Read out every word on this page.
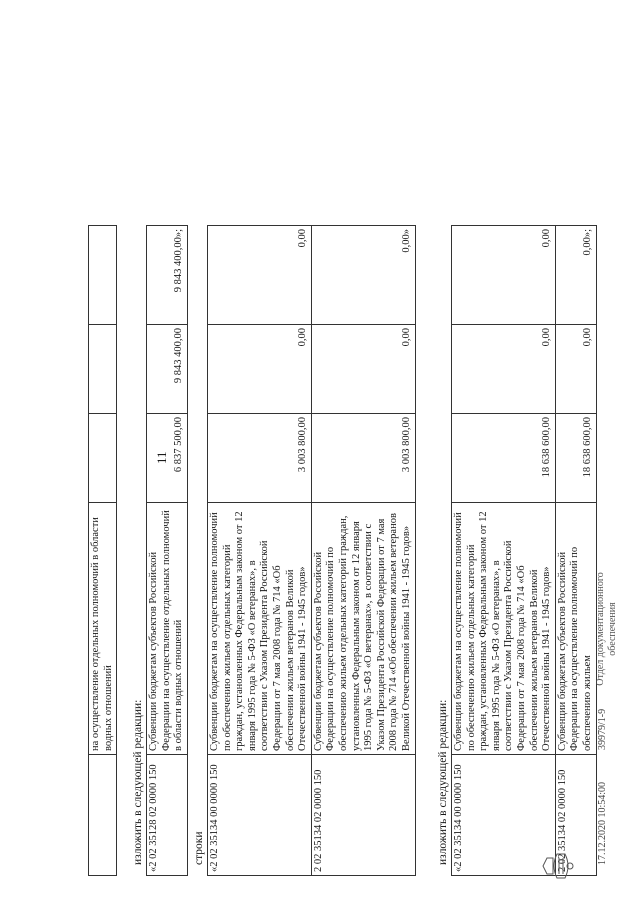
11
	на осуществление отдельных полномочий в области водных отношений			изложить в следующей редакции: «2 02 35128 02 0000 150	Субвенции бюджетам субъектов Российской Федерации на осуществление отдельных полномочий в области водных отношений	6 837 500,00	9 843 400,00	9 843 400,00»;
строки «2 02 35134 00 0000 150	Субвенции бюджетам на осуществление полномочий по обеспечению жильем отдельных категорий граждан, установленных Федеральным законом от 12 января 1995 года № 5-ФЗ «О ветеранах», в соответствии с Указом Президента Российской Федерации от 7 мая 2008 года № 714 «Об обеспечении жильем ветеранов Великой Отечественной войны 1941 - 1945 годов»	3 003 800,00	0,00	0,00
2 02 35134 02 0000 150	Субвенции бюджетам субъектов Российской Федерации на осуществление полномочий по обеспечению жильем отдельных категорий граждан, установленных Федеральным законом от 12 января 1995 года № 5-ФЗ «О ветеранах», в соответствии с Указом Президента Российской Федерации от 7 мая 2008 года № 714 «Об обеспечении жильем ветеранов Великой Отечественной войны 1941 - 1945 годов»	3 003 800,00	0,00	0,00»
изложить в следующей редакции: «2 02 35134 00 0000 150	Субвенции бюджетам на осуществление полномочий по обеспечению жильем отдельных категорий граждан, установленных Федеральным законом от 12 января 1995 года № 5-ФЗ «О ветеранах», в соответствии с Указом Президента Российской Федерации от 7 мая 2008 года № 714 «Об обеспечении жильем ветеранов Великой Отечественной войны 1941 - 1945 годов»	18 638 600,00	0,00	0,00
2 02 35134 02 0000 150	Субвенции бюджетам субъектов Российской Федерации на осуществление полномочий по обеспечению жильем	18 638 600,00	0,00	0,00»;
17.12.2020 10:54:00
39979/1-9
Отдел документационного обеспечения
